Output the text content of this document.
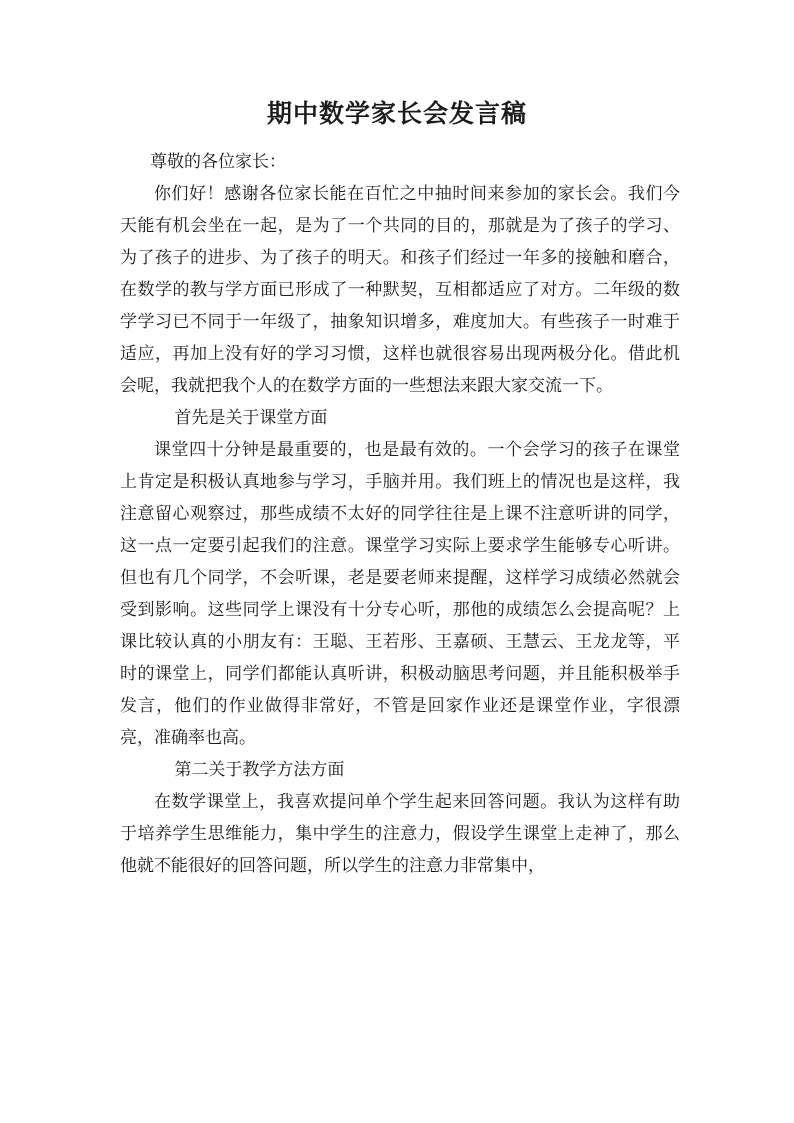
期中数学家长会发言稿

尊敬的各位家长：

你们好！感谢各位家长能在百忙之中抽时间来参加的家长会。我们今天能有机会坐在一起，是为了一个共同的目的，那就是为了孩子的学习、为了孩子的进步、为了孩子的明天。和孩子们经过一年多的接触和磨合，在数学的教与学方面已形成了一种默契，互相都适应了对方。二年级的数学学习已不同于一年级了，抽象知识增多，难度加大。有些孩子一时难于适应，再加上没有好的学习习惯，这样也就很容易出现两极分化。借此机会呢，我就把我个人的在数学方面的一些想法来跟大家交流一下。

首先是关于课堂方面

课堂四十分钟是最重要的，也是最有效的。一个会学习的孩子在课堂上肯定是积极认真地参与学习，手脑并用。我们班上的情况也是这样，我注意留心观察过，那些成绩不太好的同学往往是上课不注意听讲的同学，这一点一定要引起我们的注意。课堂学习实际上要求学生能够专心听讲。但也有几个同学，不会听课，老是要老师来提醒，这样学习成绩必然就会受到影响。这些同学上课没有十分专心听，那他的成绩怎么会提高呢？上课比较认真的小朋友有：王聪、王若彤、王嘉硕、王慧云、王龙龙等，平时的课堂上，同学们都能认真听讲，积极动脑思考问题，并且能积极举手发言，他们的作业做得非常好，不管是回家作业还是课堂作业，字很漂亮，准确率也高。

第二关于教学方法方面

在数学课堂上，我喜欢提问单个学生起来回答问题。我认为这样有助于培养学生思维能力，集中学生的注意力，假设学生课堂上走神了，那么他就不能很好的回答问题，所以学生的注意力非常集中，
